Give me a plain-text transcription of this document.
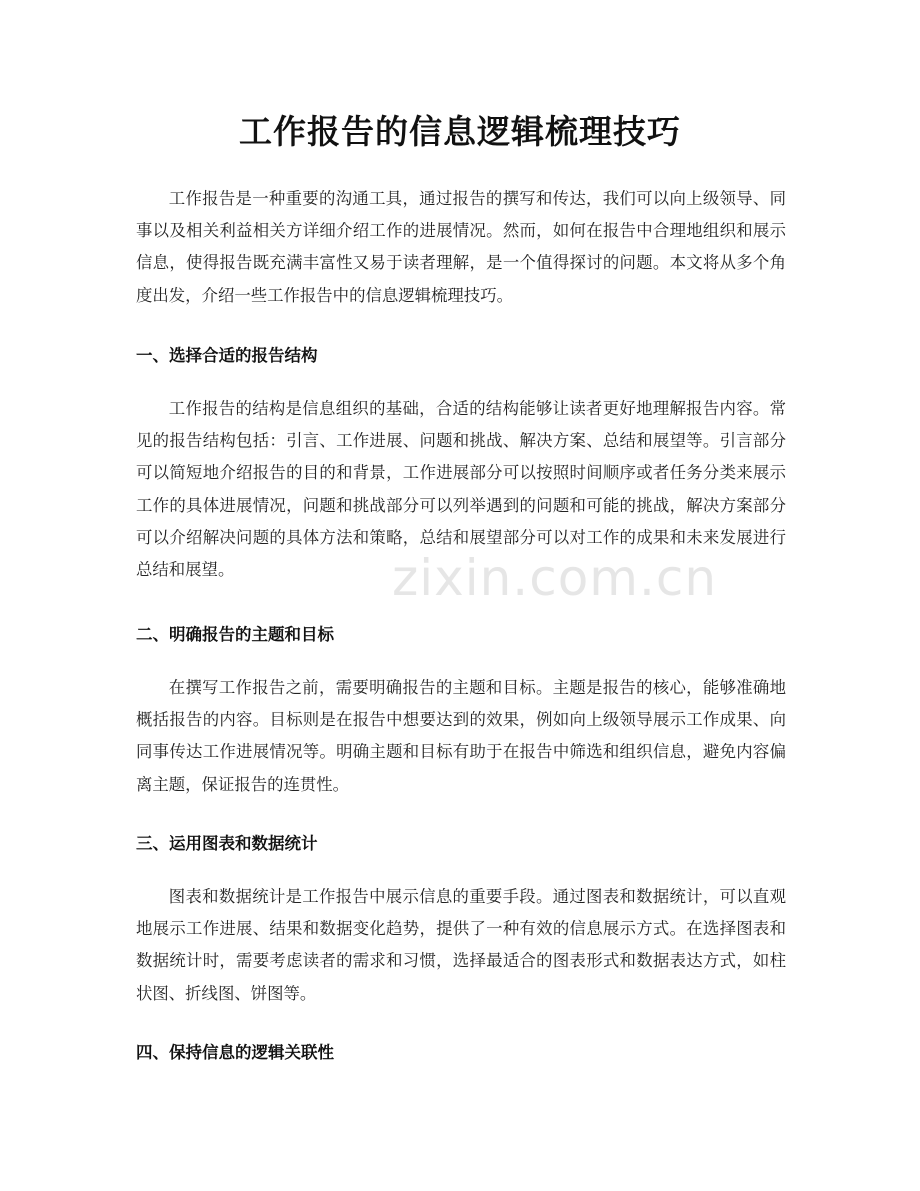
工作报告的信息逻辑梳理技巧

工作报告是一种重要的沟通工具，通过报告的撰写和传达，我们可以向上级领导、同事以及相关利益相关方详细介绍工作的进展情况。然而，如何在报告中合理地组织和展示信息，使得报告既充满丰富性又易于读者理解，是一个值得探讨的问题。本文将从多个角度出发，介绍一些工作报告中的信息逻辑梳理技巧。

一、选择合适的报告结构

工作报告的结构是信息组织的基础，合适的结构能够让读者更好地理解报告内容。常见的报告结构包括：引言、工作进展、问题和挑战、解决方案、总结和展望等。引言部分可以简短地介绍报告的目的和背景，工作进展部分可以按照时间顺序或者任务分类来展示工作的具体进展情况，问题和挑战部分可以列举遇到的问题和可能的挑战，解决方案部分可以介绍解决问题的具体方法和策略，总结和展望部分可以对工作的成果和未来发展进行总结和展望。

二、明确报告的主题和目标

在撰写工作报告之前，需要明确报告的主题和目标。主题是报告的核心，能够准确地概括报告的内容。目标则是在报告中想要达到的效果，例如向上级领导展示工作成果、向同事传达工作进展情况等。明确主题和目标有助于在报告中筛选和组织信息，避免内容偏离主题，保证报告的连贯性。

三、运用图表和数据统计

图表和数据统计是工作报告中展示信息的重要手段。通过图表和数据统计，可以直观地展示工作进展、结果和数据变化趋势，提供了一种有效的信息展示方式。在选择图表和数据统计时，需要考虑读者的需求和习惯，选择最适合的图表形式和数据表达方式，如柱状图、折线图、饼图等。

四、保持信息的逻辑关联性
zixin.com.cn
